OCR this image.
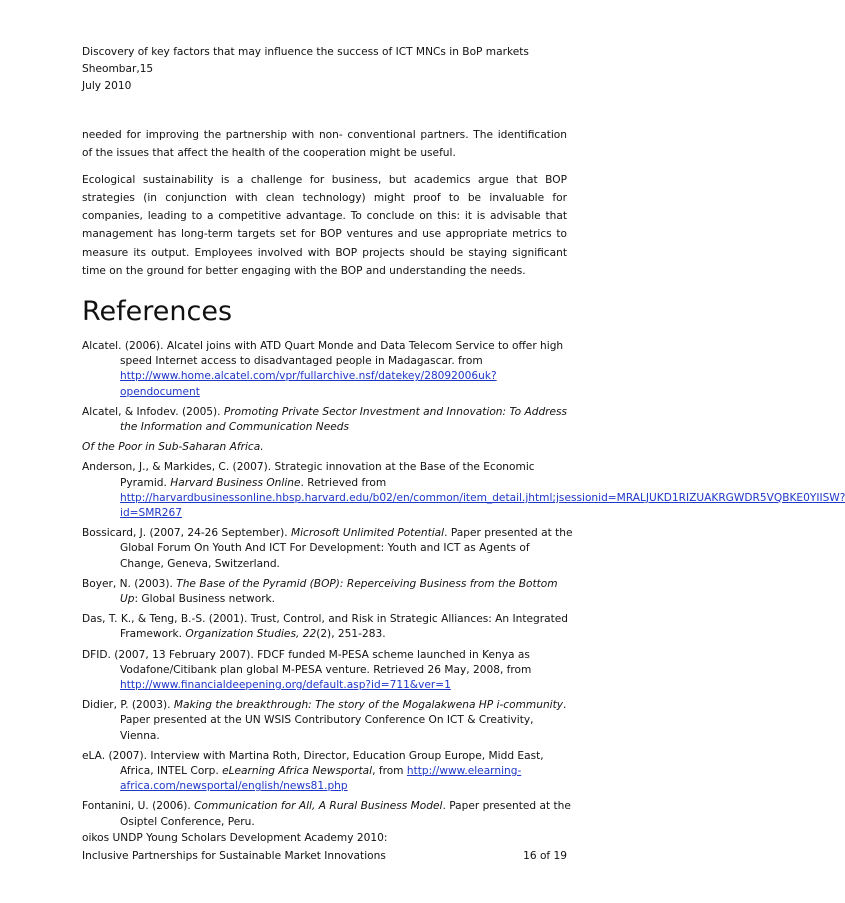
Discovery of key factors that may influence the success of ICT MNCs in BoP markets Sheombar,15
July 2010

needed for improving the partnership with non- conventional partners. The identification of the issues that affect the health of the cooperation might be useful.

Ecological sustainability is a challenge for business, but academics argue that BOP strategies (in conjunction with clean technology) might proof to be invaluable for companies, leading to a competitive advantage. To conclude on this: it is advisable that management has long-term targets set for BOP ventures and use appropriate metrics to measure its output. Employees involved with BOP projects should be staying significant time on the ground for better engaging with the BOP and understanding the needs.

References
Alcatel. (2006). Alcatel joins with ATD Quart Monde and Data Telecom Service to offer high speed Internet access to disadvantaged people in Madagascar. from http://www.home.alcatel.com/vpr/fullarchive.nsf/datekey/28092006uk?opendocument
Alcatel, & Infodev. (2005). Promoting Private Sector Investment and Innovation: To Address the Information and Communication Needs
Of the Poor in Sub-Saharan Africa.
Anderson, J., & Markides, C. (2007). Strategic innovation at the Base of the Economic Pyramid. Harvard Business Online. Retrieved from http://harvardbusinessonline.hbsp.harvard.edu/b02/en/common/item_detail.jhtml;jsessionid=MRALJUKD1RIZUAKRGWDR5VQBKE0YIISW?id=SMR267
Bossicard, J. (2007, 24-26 September). Microsoft Unlimited Potential. Paper presented at the Global Forum On Youth And ICT For Development: Youth and ICT as Agents of Change, Geneva, Switzerland.
Boyer, N. (2003). The Base of the Pyramid (BOP): Reperceiving Business from the Bottom Up: Global Business network.
Das, T. K., & Teng, B.-S. (2001). Trust, Control, and Risk in Strategic Alliances: An Integrated Framework. Organization Studies, 22(2), 251-283.
DFID. (2007, 13 February 2007). FDCF funded M-PESA scheme launched in Kenya as Vodafone/Citibank plan global M-PESA venture. Retrieved 26 May, 2008, from http://www.financialdeepening.org/default.asp?id=711&ver=1
Didier, P. (2003). Making the breakthrough: The story of the Mogalakwena HP i-community. Paper presented at the UN WSIS Contributory Conference On ICT & Creativity, Vienna.
eLA. (2007). Interview with Martina Roth, Director, Education Group Europe, Midd East, Africa, INTEL Corp. eLearning Africa Newsportal, from http://www.elearning-africa.com/newsportal/english/news81.php
Fontanini, U. (2006). Communication for All, A Rural Business Model. Paper presented at the Osiptel Conference, Peru.
oikos UNDP Young Scholars Development Academy 2010:
Inclusive Partnerships for Sustainable Market Innovations	16 of 19
